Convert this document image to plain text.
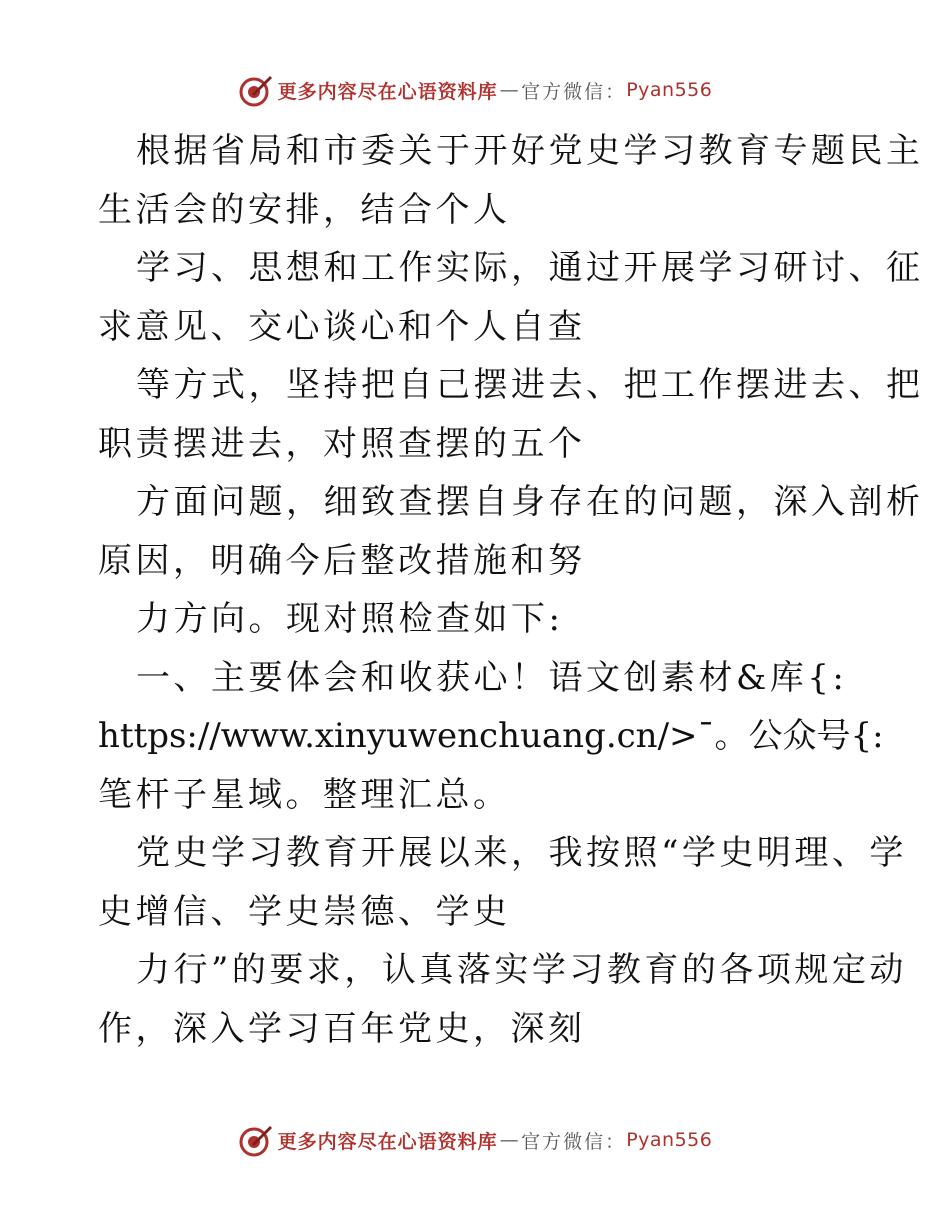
更多内容尽在心语资料库 — 官方微信： Pyan556
根据省局和市委关于开好党史学习教育专题民主
生活会的安排，结合个人
学习、思想和工作实际，通过开展学习研讨、征
求意见、交心谈心和个人自查
等方式，坚持把自己摆进去、把工作摆进去、把
职责摆进去，对照查摆的五个
方面问题，细致查摆自身存在的问题，深入剖析
原因，明确今后整改措施和努
力方向。现对照检查如下:
一、主要体会和收获心！语文创素材&库{:
https://www.xinyuwenchuang.cn/>¯。公众号{:
笔杆子星域。整理汇总。
党史学习教育开展以来，我按照“学史明理、学
史增信、学史崇德、学史
力行”的要求，认真落实学习教育的各项规定动
作，深入学习百年党史，深刻
更多内容尽在心语资料库 — 官方微信： Pyan556
